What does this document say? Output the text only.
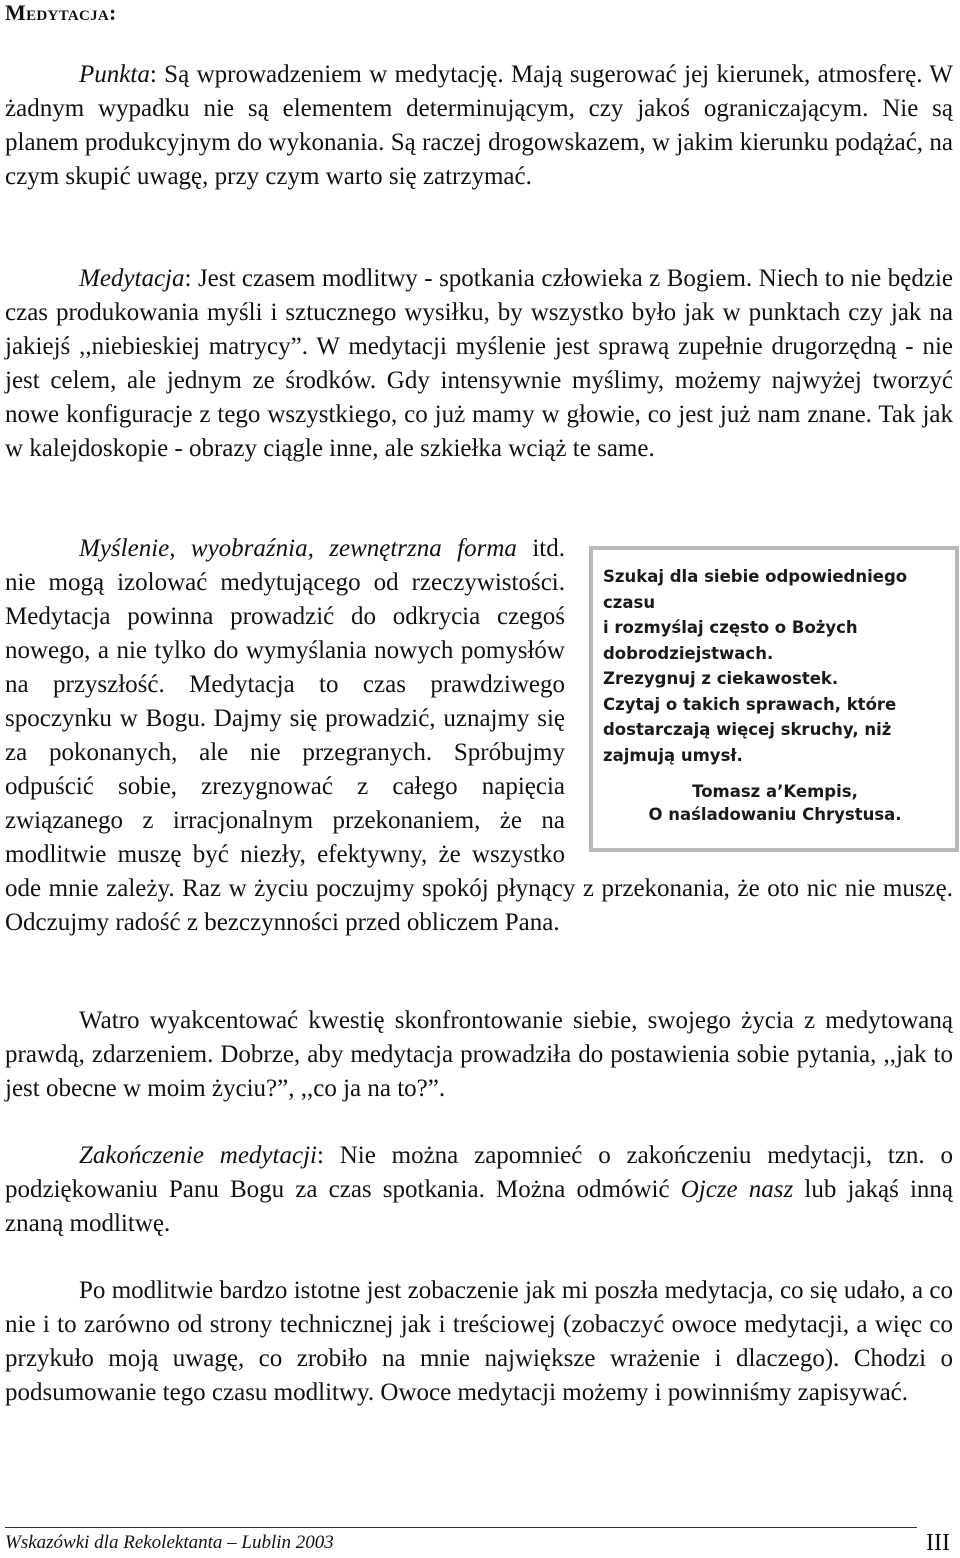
Medytacja:
Punkta: Są wprowadzeniem w medytację. Mają sugerować jej kierunek, atmosferę. W żadnym wypadku nie są elementem determinującym, czy jakoś ograniczającym. Nie są planem produkcyjnym do wykonania. Są raczej drogowskazem, w jakim kierunku podążać, na czym skupić uwagę, przy czym warto się zatrzymać.
Medytacja: Jest czasem modlitwy - spotkania człowieka z Bogiem. Niech to nie będzie czas produkowania myśli i sztucznego wysiłku, by wszystko było jak w punktach czy jak na jakiejś ,,niebieskiej matrycy”. W medytacji myślenie jest sprawą zupełnie drugorzędną - nie jest celem, ale jednym ze środków. Gdy intensywnie myślimy, możemy najwyżej tworzyć nowe konfiguracje z tego wszystkiego, co już mamy w głowie, co jest już nam znane. Tak jak w kalejdoskopie - obrazy ciągle inne, ale szkiełka wciąż te same.
Szukaj dla siebie odpowiedniego czasu
i rozmyślaj często o Bożych dobrodziejstwach.
Zrezygnuj z ciekawostek.
Czytaj o takich sprawach, które dostarczają więcej skruchy, niż zajmują umysł.
Tomasz a’Kempis,
O naśladowaniu Chrystusa.
Myślenie, wyobraźnia, zewnętrzna forma itd. nie mogą izolować medytującego od rzeczywistości. Medytacja powinna prowadzić do odkrycia czegoś nowego, a nie tylko do wymyślania nowych pomysłów na przyszłość. Medytacja to czas prawdziwego spoczynku w Bogu. Dajmy się prowadzić, uznajmy się za pokonanych, ale nie przegranych. Spróbujmy odpuścić sobie, zrezygnować z całego napięcia związanego z irracjonalnym przekonaniem, że na modlitwie muszę być niezły, efektywny, że wszystko ode mnie zależy. Raz w życiu poczujmy spokój płynący z przekonania, że oto nic nie muszę. Odczujmy radość z bezczynności przed obliczem Pana.
Watro wyakcentować kwestię skonfrontowanie siebie, swojego życia z medytowaną prawdą, zdarzeniem. Dobrze, aby medytacja prowadziła do postawienia sobie pytania, ,,jak to jest obecne w moim życiu?”, ,,co ja na to?”.
Zakończenie medytacji: Nie można zapomnieć o zakończeniu medytacji, tzn. o podziękowaniu Panu Bogu za czas spotkania. Można odmówić Ojcze nasz lub jakąś inną znaną modlitwę.
Po modlitwie bardzo istotne jest zobaczenie jak mi poszła medytacja, co się udało, a co nie i to zarówno od strony technicznej jak i treściowej (zobaczyć owoce medytacji, a więc co przykuło moją uwagę, co zrobiło na mnie największe wrażenie i dlaczego). Chodzi o podsumowanie tego czasu modlitwy. Owoce medytacji możemy i powinniśmy zapisywać.
Wskazówki dla Rekolektanta – Lublin 2003	III
